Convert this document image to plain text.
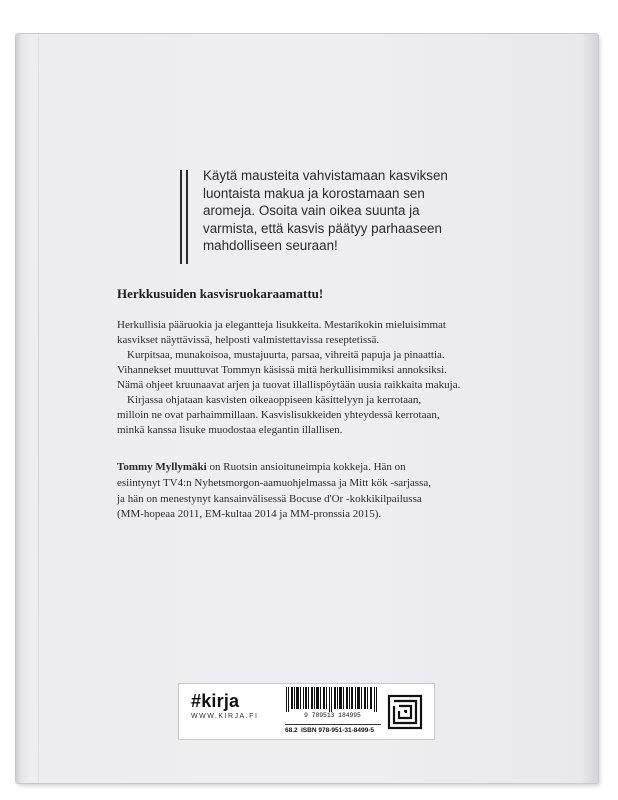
Käytä mausteita vahvistamaan kasviksen
luontaista makua ja korostamaan sen
aromeja. Osoita vain oikea suunta ja
varmista, että kasvis päätyy parhaaseen
mahdolliseen seuraan!
Herkkusuiden kasvisruokaraamattu!
Herkullisia pääruokia ja elegantteja lisukkeita. Mestarikokin mieluisimmat
kasvikset näyttävissä, helposti valmistettavissa reseptetissä.
Kurpitsaa, munakoisoa, mustajuurta, parsaa, vihreitä papuja ja pinaattia.
Vihannekset muuttuvat Tommyn käsissä mitä herkullisimmiksi annoksiksi.
Nämä ohjeet kruunaavat arjen ja tuovat illallispöytään uusia raikkaita makuja.
Kirjassa ohjataan kasvisten oikeaoppiseen käsittelyyn ja kerrotaan,
milloin ne ovat parhaimmillaan. Kasvislisukkeiden yhteydessä kerrotaan,
minkä kanssa lisuke muodostaa elegantin illallisen.
Tommy Myllymäki on Ruotsin ansioituneimpia kokkeja. Hän on
esiintynyt TV4:n Nyhetsmorgon-aamuohjelmassa ja Mitt kök -sarjassa,
ja hän on menestynyt kansainvälisessä Bocuse d'Or -kokkikilpailussa
(MM-hopeaa 2011, EM-kultaa 2014 ja MM-pronssia 2015).
#kirja
WWW.KIRJA.FI	9 789513 184995
68.2 ISBN 978-951-31-8499-5
